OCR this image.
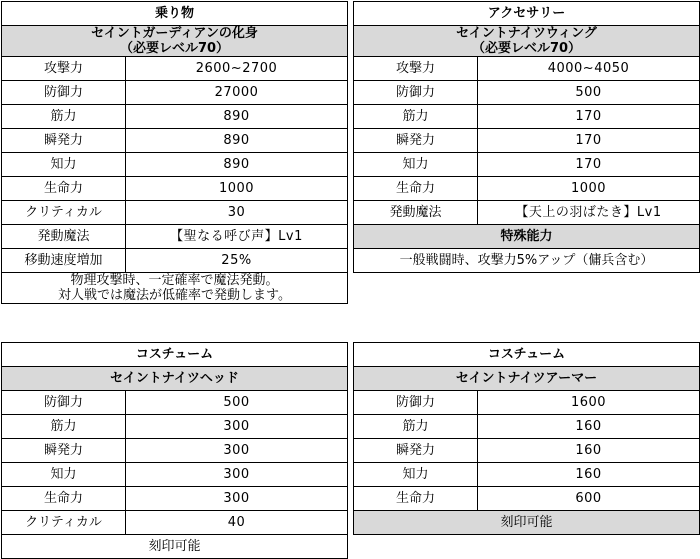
乗り物	

セイントガーディアンの化身
（必要レベル70）	

攻撃力	2600~2700
防御力	27000
筋力	890
瞬発力	890
知力	890
生命力	1000
クリティカル	30
発動魔法	【聖なる呼び声】Lv1
移動速度増加	25%

物理攻撃時、一定確率で魔法発動。
対人戦では魔法が低確率で発動します。	
アクセサリー	

セイントナイツウィング
（必要レベル70）	

攻撃力	4000~4050
防御力	500
筋力	170
瞬発力	170
知力	170
生命力	1000
発動魔法	【天上の羽ばたき】Lv1
特殊能力	
一般戦闘時、攻撃力5%アップ（傭兵含む）	
コスチューム	
セイントナイツヘッド	
防御力	500
筋力	300
瞬発力	300
知力	300
生命力	300
クリティカル	40
刻印可能	
コスチューム	
セイントナイツアーマー	
防御力	1600
筋力	160
瞬発力	160
知力	160
生命力	600
刻印可能	
